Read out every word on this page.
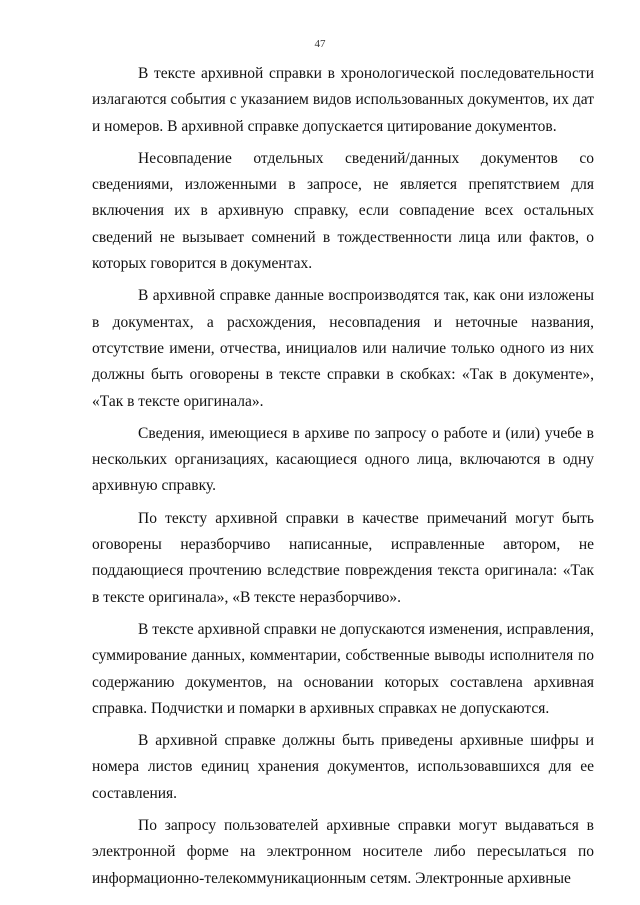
47

В тексте архивной справки в хронологической последовательности излагаются события с указанием видов использованных документов, их дат и номеров. В архивной справке допускается цитирование документов.

Несовпадение отдельных сведений/данных документов со сведениями, изложенными в запросе, не является препятствием для включения их в архивную справку, если совпадение всех остальных сведений не вызывает сомнений в тождественности лица или фактов, о которых говорится в документах.

В архивной справке данные воспроизводятся так, как они изложены в документах, а расхождения, несовпадения и неточные названия, отсутствие имени, отчества, инициалов или наличие только одного из них должны быть оговорены в тексте справки в скобках: «Так в документе», «Так в тексте оригинала».

Сведения, имеющиеся в архиве по запросу о работе и (или) учебе в нескольких организациях, касающиеся одного лица, включаются в одну архивную справку.

По тексту архивной справки в качестве примечаний могут быть оговорены неразборчиво написанные, исправленные автором, не поддающиеся прочтению вследствие повреждения текста оригинала: «Так в тексте оригинала», «В тексте неразборчиво».

В тексте архивной справки не допускаются изменения, исправления, суммирование данных, комментарии, собственные выводы исполнителя по содержанию документов, на основании которых составлена архивная справка. Подчистки и помарки в архивных справках не допускаются.

В архивной справке должны быть приведены архивные шифры и номера листов единиц хранения документов, использовавшихся для ее составления.

По запросу пользователей архивные справки могут выдаваться в электронной форме на электронном носителе либо пересылаться по информационно-телекоммуникационным сетям. Электронные архивные
